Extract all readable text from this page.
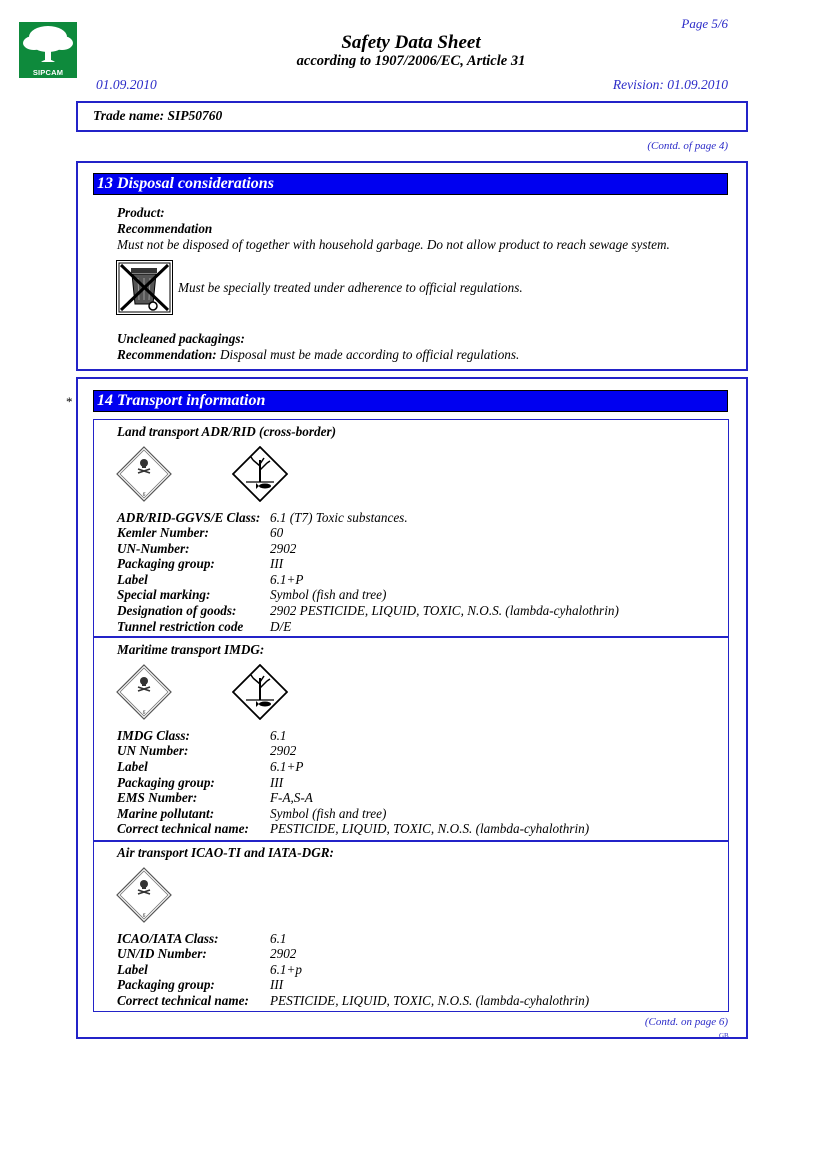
SIPCAM
Page 5/6
Safety Data Sheet
according to 1907/2006/EC, Article 31
01.09.2010	Revision: 01.09.2010
Trade name: SIP50760
(Contd. of page 4)
13 Disposal considerations
Product:
Recommendation
Must not be disposed of together with household garbage. Do not allow product to reach sewage system.
Must be specially treated under adherence to official regulations.
Uncleaned packagings:
Recommendation: Disposal must be made according to official regulations.
* 14 Transport information
Land transport ADR/RID (cross-border)
6
ADR/RID-GGVS/E Class: 6.1 (T7) Toxic substances.
Kemler Number:	60
UN-Number:	2902
Packaging group:	III
Label	6.1+P
Special marking:	Symbol (fish and tree)
Designation of goods:	2902 PESTICIDE, LIQUID, TOXIC, N.O.S. (lambda-cyhalothrin)
Tunnel restriction code D/E
Maritime transport IMDG:
6
IMDG Class:	6.1
UN Number:	2902
Label	6.1+P
Packaging group:	III
EMS Number:	F-A,S-A
Marine pollutant:	Symbol (fish and tree)
Correct technical name: PESTICIDE, LIQUID, TOXIC, N.O.S. (lambda-cyhalothrin)
Air transport ICAO-TI and IATA-DGR:
6
ICAO/IATA Class:	6.1
UN/ID Number:	2902
Label	6.1+p
Packaging group:	III
Correct technical name: PESTICIDE, LIQUID, TOXIC, N.O.S. (lambda-cyhalothrin)
(Contd. on page 6)
GB
